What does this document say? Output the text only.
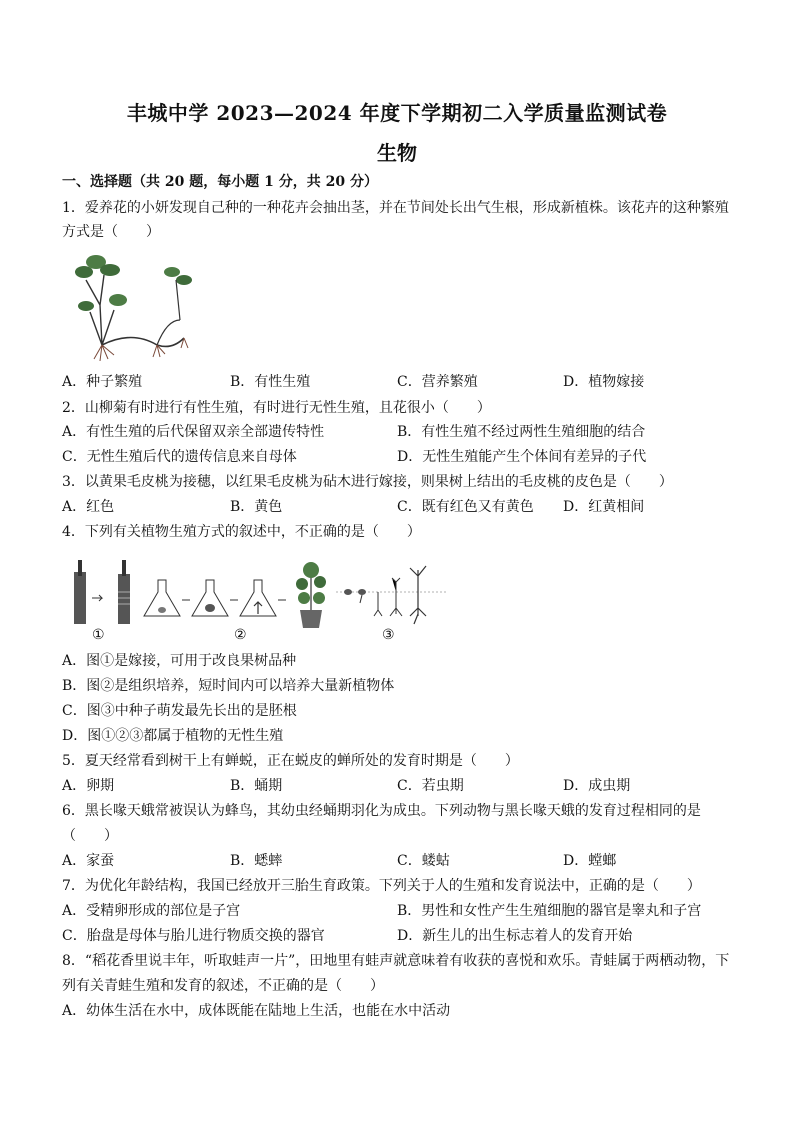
丰城中学 2023—2024 年度下学期初二入学质量监测试卷
生物
一、选择题（共 20 题，每小题 1 分，共 20 分）
1．爱养花的小妍发现自己种的一种花卉会抽出茎，并在节间处长出气生根，形成新植株。该花卉的这种繁殖
方式是（　　）
A．种子繁殖	B．有性生殖	C．营养繁殖	D．植物嫁接
2．山柳菊有时进行有性生殖，有时进行无性生殖，且花很小（　　）
A．有性生殖的后代保留双亲全部遗传特性	B．有性生殖不经过两性生殖细胞的结合
C．无性生殖后代的遗传信息来自母体	D．无性生殖能产生个体间有差异的子代
3．以黄果毛皮桃为接穗，以红果毛皮桃为砧木进行嫁接，则果树上结出的毛皮桃的皮色是（　　）
A．红色	B．黄色	C．既有红色又有黄色 D．红黄相间
4．下列有关植物生殖方式的叙述中，不正确的是（　　）
①	②	③
A．图①是嫁接，可用于改良果树品种
B．图②是组织培养，短时间内可以培养大量新植物体
C．图③中种子萌发最先长出的是胚根
D．图①②③都属于植物的无性生殖
5．夏天经常看到树干上有蝉蜕，正在蜕皮的蝉所处的发育时期是（　　）
A．卵期	B．蛹期	C．若虫期	D．成虫期
6．黑长喙天蛾常被误认为蜂鸟，其幼虫经蛹期羽化为成虫。下列动物与黑长喙天蛾的发育过程相同的是
（　　）
A．家蚕	B．蟋蟀	C．蝼蛄	D．螳螂
7．为优化年龄结构，我国已经放开三胎生育政策。下列关于人的生殖和发育说法中，正确的是（　　）
A．受精卵形成的部位是子宫	B．男性和女性产生生殖细胞的器官是睾丸和子宫
C．胎盘是母体与胎儿进行物质交换的器官	D．新生儿的出生标志着人的发育开始
8．“稻花香里说丰年，听取蛙声一片”，田地里有蛙声就意味着有收获的喜悦和欢乐。青蛙属于两栖动物，下
列有关青蛙生殖和发育的叙述，不正确的是（　　）
A．幼体生活在水中，成体既能在陆地上生活，也能在水中活动
